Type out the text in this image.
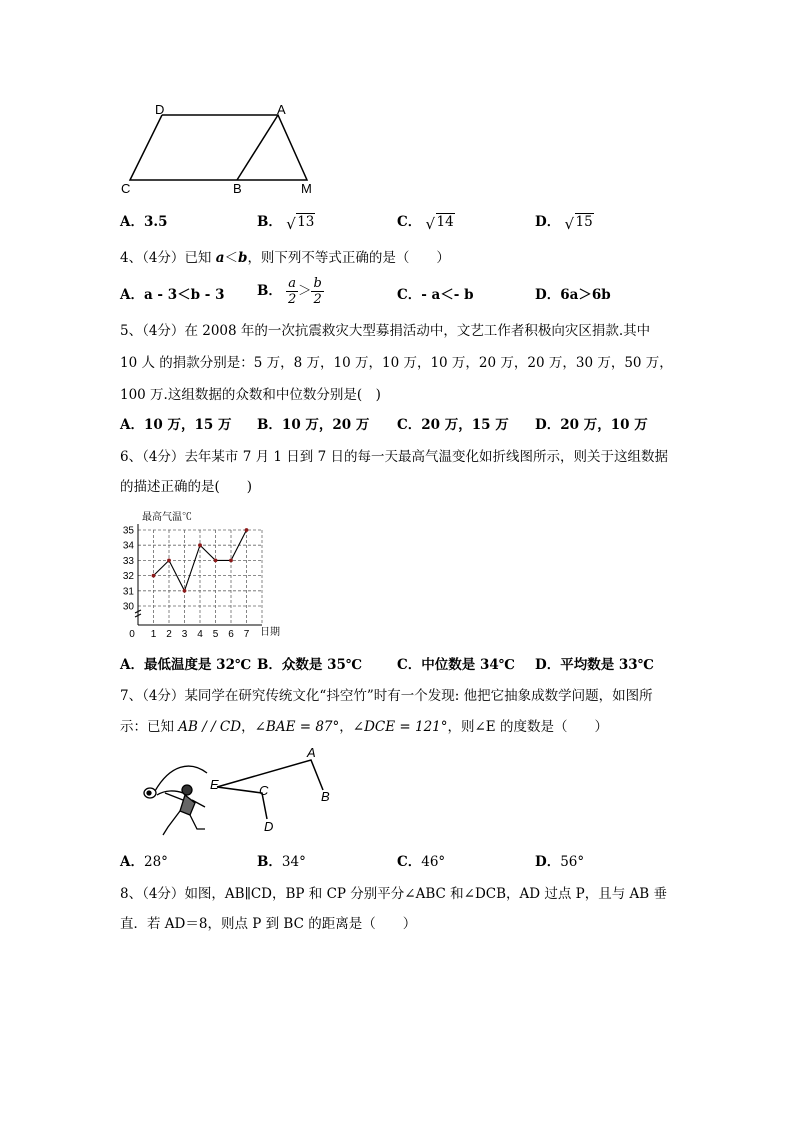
D	A
C	B	M
A．3.5	B． √ 13	C． √ 14	D． √ 15
4、（4分）已知 a＜b，则下列不等式正确的是（　　）
A．a - 3＜b - 3 B． $\frac{a}{2} > \frac{b}{2}$	C．- a＜- b	D．6a＞6b
5、（4分）在 2008 年的一次抗震救灾大型募捐活动中，文艺工作者积极向灾区捐款.其中
10 人 的捐款分别是：5 万，8 万，10 万，10 万，10 万，20 万，20 万，30 万，50 万，
100 万.这组数据的众数和中位数分别是(　)
A．10 万，15 万 B．10 万，20 万 C．20 万，15 万 D．20 万，10 万
6、（4分）去年某市 7 月 1 日到 7 日的每一天最高气温变化如折线图所示，则关于这组数据
的描述正确的是(　　)
30
31
32
33
34
35
0 1 2 3 4 5 6 7
最高气温℃
日期
A．最低温度是 32℃ B．众数是 35℃	C．中位数是 34℃ D．平均数是 33℃
7、（4分）某同学在研究传统文化“抖空竹”时有一个发现: 他把它抽象成数学问题，如图所
示：已知 AB / / CD，∠BAE = 87°，∠DCE = 121°，则∠E 的度数是（　　）
E
A
B
C
D
A．28°	B．34°	C．46°	D．56°
8、（4分）如图，AB∥CD，BP 和 CP 分别平分∠ABC 和∠DCB，AD 过点 P，且与 AB 垂
直．若 AD＝8，则点 P 到 BC 的距离是（　　）
